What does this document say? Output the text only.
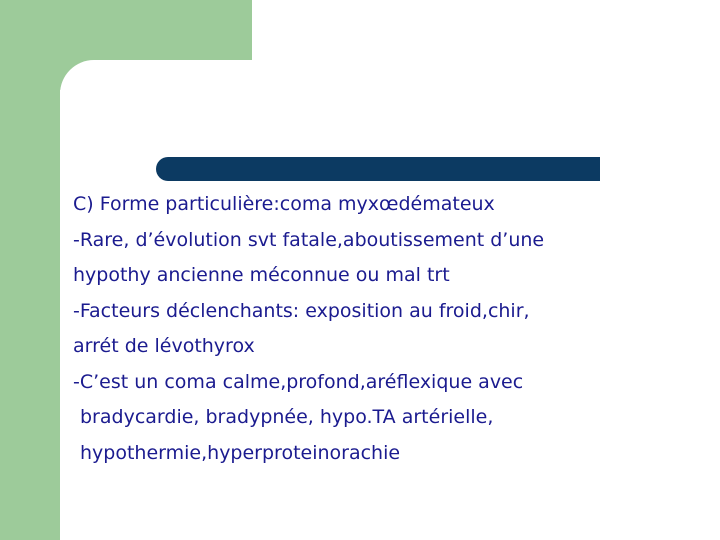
C) Forme particulière:coma myxœdémateux
-Rare, d’évolution svt fatale,aboutissement d’une
hypothy ancienne méconnue ou mal trt
-Facteurs déclenchants: exposition au froid,chir,
arrét de lévothyrox
-C’est un coma calme,profond,aréflexique avec
bradycardie, bradypnée, hypo.TA artérielle,
hypothermie,hyperproteinorachie
